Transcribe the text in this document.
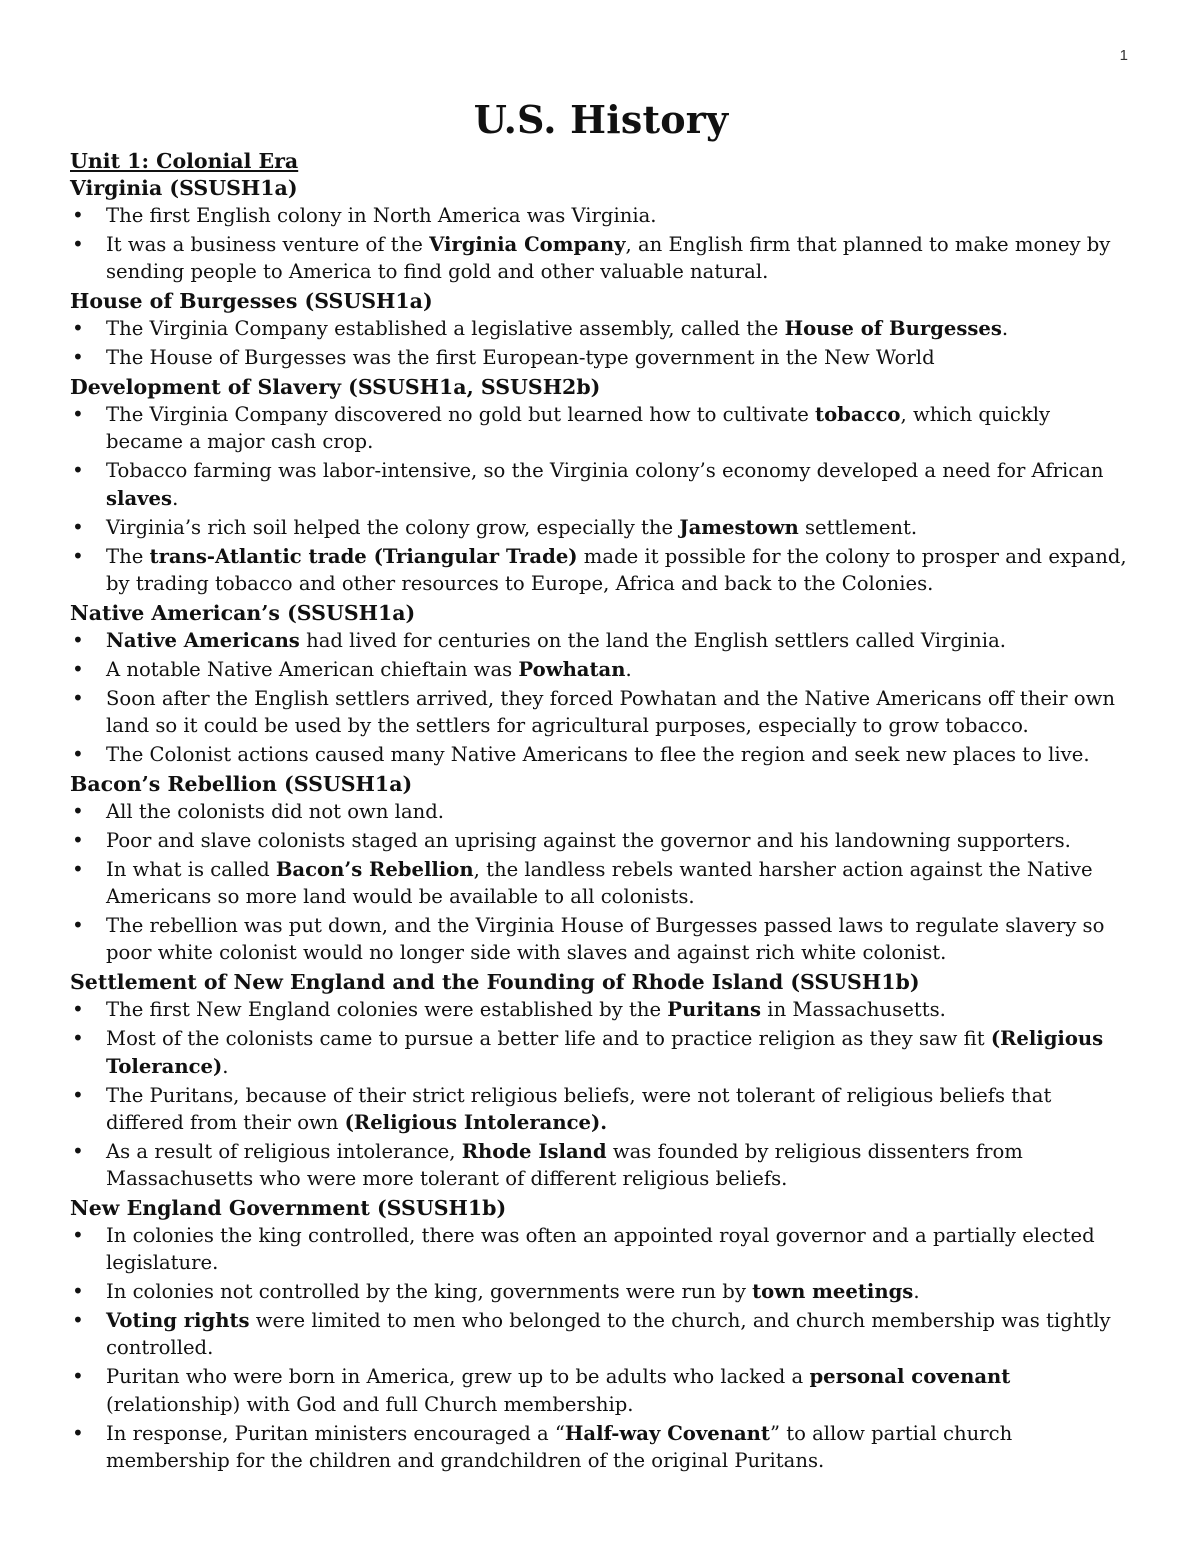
1
U.S. History
Unit 1: Colonial Era
Virginia (SSUSH1a)
• The first English colony in North America was Virginia.
• It was a business venture of the Virginia Company, an English firm that planned to make money by sending people to America to find gold and other valuable natural.
House of Burgesses (SSUSH1a)
• The Virginia Company established a legislative assembly, called the House of Burgesses.
• The House of Burgesses was the first European-type government in the New World
Development of Slavery (SSUSH1a, SSUSH2b)
• The Virginia Company discovered no gold but learned how to cultivate tobacco, which quickly became a major cash crop.
• Tobacco farming was labor-intensive, so the Virginia colony’s economy developed a need for African slaves.
• Virginia’s rich soil helped the colony grow, especially the Jamestown settlement.
• The trans-Atlantic trade (Triangular Trade) made it possible for the colony to prosper and expand, by trading tobacco and other resources to Europe, Africa and back to the Colonies.
Native American’s (SSUSH1a)
• Native Americans had lived for centuries on the land the English settlers called Virginia.
• A notable Native American chieftain was Powhatan.
• Soon after the English settlers arrived, they forced Powhatan and the Native Americans off their own land so it could be used by the settlers for agricultural purposes, especially to grow tobacco.
• The Colonist actions caused many Native Americans to flee the region and seek new places to live.
Bacon’s Rebellion (SSUSH1a)
• All the colonists did not own land.
• Poor and slave colonists staged an uprising against the governor and his landowning supporters.
• In what is called Bacon’s Rebellion, the landless rebels wanted harsher action against the Native Americans so more land would be available to all colonists.
• The rebellion was put down, and the Virginia House of Burgesses passed laws to regulate slavery so poor white colonist would no longer side with slaves and against rich white colonist.
Settlement of New England and the Founding of Rhode Island (SSUSH1b)
• The first New England colonies were established by the Puritans in Massachusetts.
• Most of the colonists came to pursue a better life and to practice religion as they saw fit (Religious Tolerance).
• The Puritans, because of their strict religious beliefs, were not tolerant of religious beliefs that differed from their own (Religious Intolerance).
• As a result of religious intolerance, Rhode Island was founded by religious dissenters from Massachusetts who were more tolerant of different religious beliefs.
New England Government (SSUSH1b)
• In colonies the king controlled, there was often an appointed royal governor and a partially elected legislature.
• In colonies not controlled by the king, governments were run by town meetings.
• Voting rights were limited to men who belonged to the church, and church membership was tightly controlled.
• Puritan who were born in America, grew up to be adults who lacked a personal covenant (relationship) with God and full Church membership.
• In response, Puritan ministers encouraged a “Half-way Covenant” to allow partial church membership for the children and grandchildren of the original Puritans.
